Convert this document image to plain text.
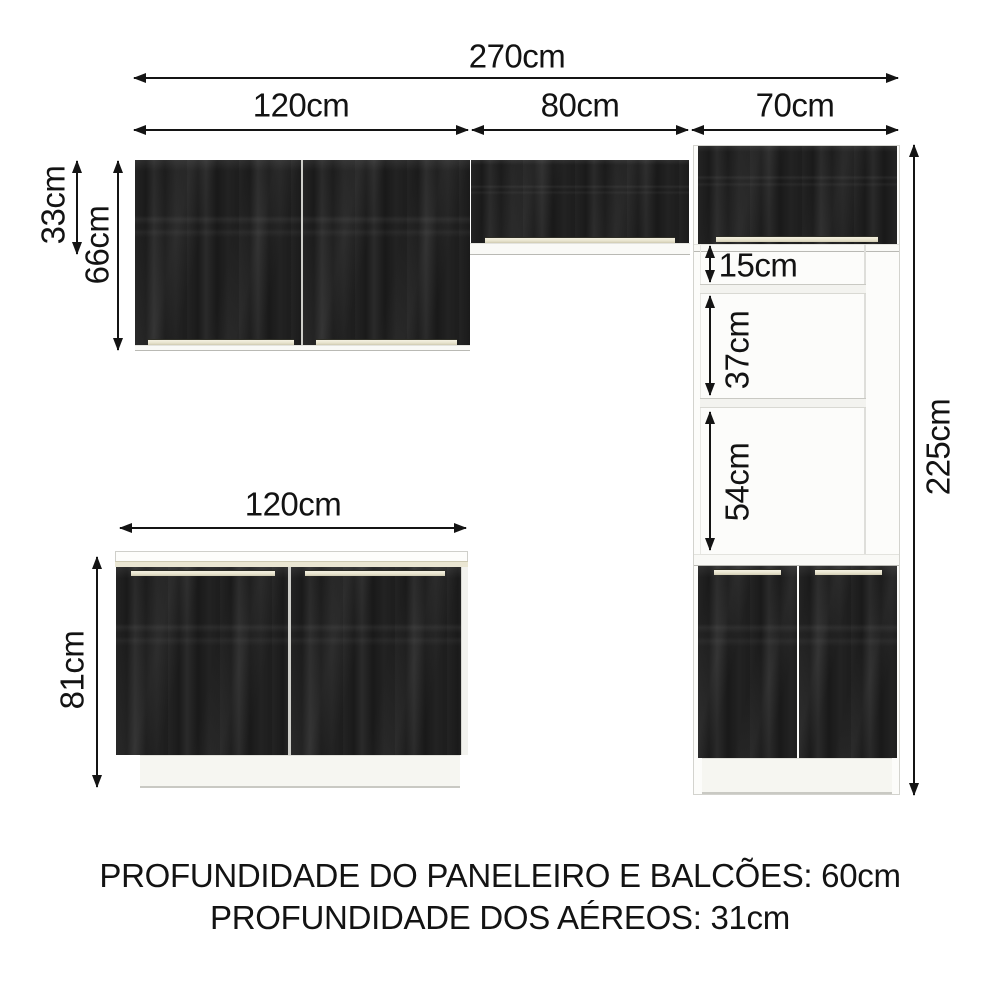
270cm
120cm	80cm	70cm
33cm
66cm	15cm
37cm
54cm	225cm
120cm
81cm
PROFUNDIDADE DO PANELEIRO E BALCÕES: 60cm
PROFUNDIDADE DOS AÉREOS: 31cm
